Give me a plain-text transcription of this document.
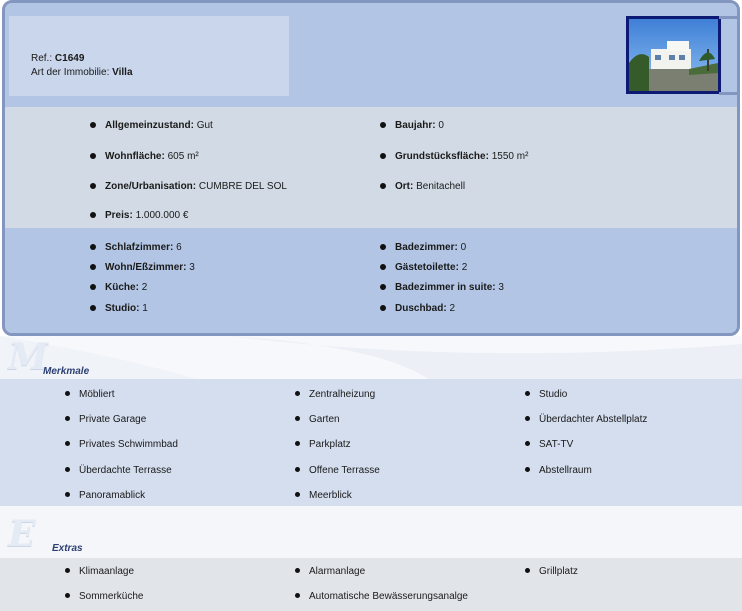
Ref.: C1649
Art der Immobilie: Villa
Allgemeinzustand: Gut	Baujahr: 0
Wohnfläche: 605 m²	Grundstücksfläche: 1550 m²
Zone/Urbanisation: CUMBRE DEL SOL	Ort: Benitachell
Preis: 1.000.000 €
Schlafzimmer: 6	Badezimmer: 0
Wohn/Eßzimmer: 3	Gästetoilette: 2
Küche: 2	Badezimmer in suite: 3
Studio: 1	Duschbad: 2
M
Merkmale
Möbliert	Zentralheizung	Studio
Private Garage	Garten	Überdachter Abstellplatz
Privates Schwimmbad	Parkplatz	SAT-TV
Überdachte Terrasse	Offene Terrasse	Abstellraum
Panoramablick	Meerblick
E Extras
Klimaanlage	Alarmanlage	Grillplatz
Sommerküche	Automatische Bewässerungsanalge
